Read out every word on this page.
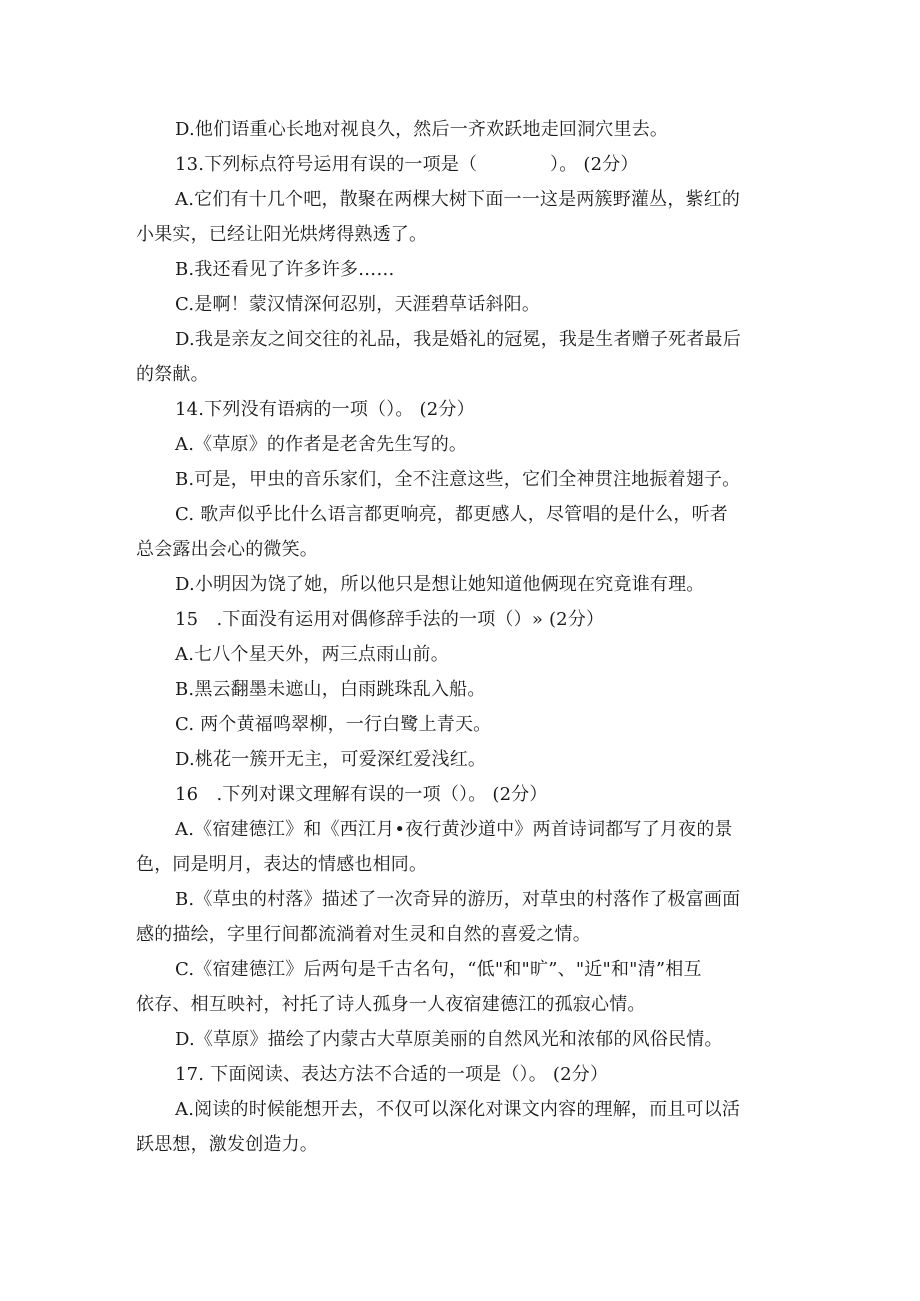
D.他们语重心长地对视良久，然后一齐欢跃地走回洞穴里去。
13.下列标点符号运用有误的一项是（　　　　）。 (2分）
A.它们有十几个吧，散聚在两棵大树下面一一这是两簇野灌丛，紫红的
小果实，已经让阳光烘烤得熟透了。
B.我还看见了许多许多……
C.是啊！蒙汉情深何忍别，天涯碧草话斜阳。
D.我是亲友之间交往的礼品，我是婚礼的冠冕，我是生者赠子死者最后
的祭献。
14.下列没有语病的一项（）。 (2分）
A.《草原》的作者是老舍先生写的。
B.可是，甲虫的音乐家们，全不注意这些，它们全神贯注地振着翅子。
C. 歌声似乎比什么语言都更响亮，都更感人，尽管唱的是什么，听者
总会露出会心的微笑。
D.小明因为饶了她，所以他只是想让她知道他俩现在究竟谁有理。
15　.下面没有运用对偶修辞手法的一项（）» (2分）
A.七八个星天外，两三点雨山前。
B.黑云翻墨未遮山，白雨跳珠乱入船。
C. 两个黄福鸣翠柳，一行白鹭上青天。
D.桃花一簇开无主，可爱深红爱浅红。
16　.下列对课文理解有误的一项（）。 (2分）
A.《宿建德江》和《西江月•夜行黄沙道中》两首诗词都写了月夜的景
色，同是明月，表达的情感也相同。
B.《草虫的村落》描述了一次奇异的游历，对草虫的村落作了极富画面
感的描绘，字里行间都流淌着对生灵和自然的喜爱之情。
C.《宿建德江》后两句是千古名句，“低"和"旷”、"近"和"清”相互
依存、相互映衬，衬托了诗人孤身一人夜宿建德江的孤寂心情。
D.《草原》描绘了内蒙古大草原美丽的自然风光和浓郁的风俗民情。
17. 下面阅读、表达方法不合适的一项是（）。 (2分）
A.阅读的时候能想开去，不仅可以深化对课文内容的理解，而且可以活
跃思想，激发创造力。
